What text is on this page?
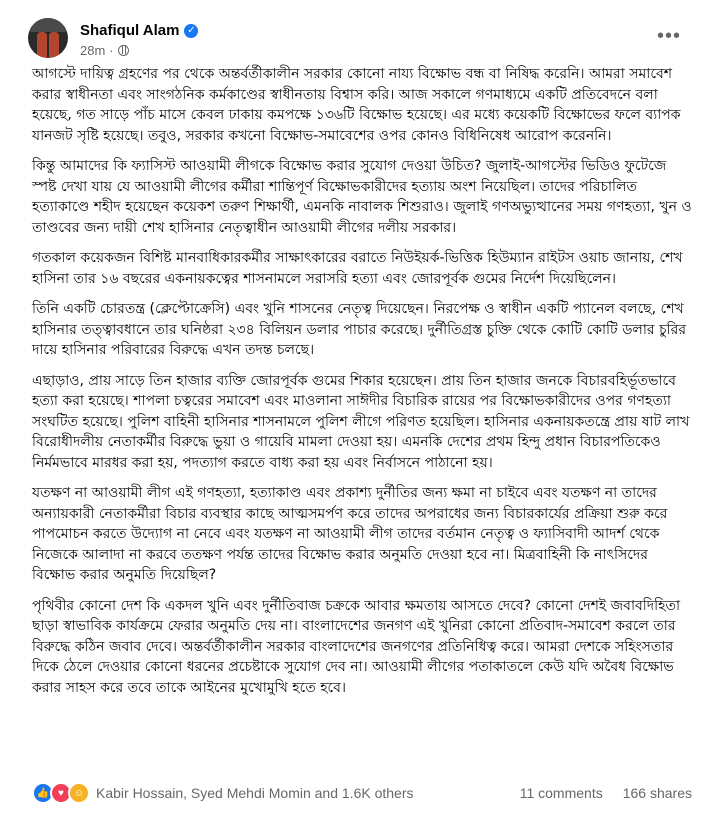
Shafiqul Alam ✓
28m ·
•••

আগস্টে দায়িত্ব গ্রহণের পর থেকে অন্তর্বর্তীকালীন সরকার কোনো নায্য বিক্ষোভ বন্ধ বা নিষিদ্ধ করেনি। আমরা সমাবেশ করার স্বাধীনতা এবং সাংগঠনিক কর্মকাণ্ডের স্বাধীনতায় বিশ্বাস করি। আজ সকালে গণমাধ্যমে একটি প্রতিবেদনে বলা হয়েছে, গত সাড়ে পাঁচ মাসে কেবল ঢাকায় কমপক্ষে ১৩৬টি বিক্ষোভ হয়েছে। এর মধ্যে কয়েকটি বিক্ষোভের ফলে ব্যাপক যানজট সৃষ্টি হয়েছে। তবুও, সরকার কখনো বিক্ষোভ-সমাবেশের ওপর কোনও বিধিনিষেধ আরোপ করেননি।

কিন্তু আমাদের কি ফ্যাসিস্ট আওয়ামী লীগকে বিক্ষোভ করার সুযোগ দেওয়া উচিত? জুলাই-আগস্টের ভিডিও ফুটেজে স্পষ্ট দেখা যায় যে আওয়ামী লীগের কর্মীরা শান্তিপূর্ণ বিক্ষোভকারীদের হত্যায় অংশ নিয়েছিল। তাদের পরিচালিত হত্যাকাণ্ডে শহীদ হয়েছেন কয়েকশ তরুণ শিক্ষার্থী, এমনকি নাবালক শিশুরাও। জুলাই গণঅভ্যুত্থানের সময় গণহত্যা, খুন ও তাণ্ডবের জন্য দায়ী শেখ হাসিনার নেতৃত্বাধীন আওয়ামী লীগের দলীয় সরকার।

গতকাল কয়েকজন বিশিষ্ট মানবাধিকারকর্মীর সাক্ষাৎকারের বরাতে নিউইয়র্ক-ভিত্তিক হিউম্যান রাইটস ওয়াচ জানায়, শেখ হাসিনা তার ১৬ বছরের একনায়কত্বের শাসনামলে সরাসরি হত্যা এবং জোরপূর্বক গুমের নির্দেশ দিয়েছিলেন।

তিনি একটি চোরতন্ত্র (ক্লেপ্টোক্রেসি) এবং খুনি শাসনের নেতৃত্ব দিয়েছেন। নিরপেক্ষ ও স্বাধীন একটি প্যানেল বলছে, শেখ হাসিনার তত্ত্বাবধানে তার ঘনিষ্ঠরা ২৩৪ বিলিয়ন ডলার পাচার করেছে। দুর্নীতিগ্রস্ত চুক্তি থেকে কোটি কোটি ডলার চুরির দায়ে হাসিনার পরিবারের বিরুদ্ধে এখন তদন্ত চলছে।

এছাড়াও, প্রায় সাড়ে তিন হাজার ব্যক্তি জোরপূর্বক গুমের শিকার হয়েছেন। প্রায় তিন হাজার জনকে বিচারবহির্ভূতভাবে হত্যা করা হয়েছে। শাপলা চত্বরের সমাবেশ এবং মাওলানা সাঈদীর বিচারিক রায়ের পর বিক্ষোভকারীদের ওপর গণহত্যা সংঘটিত হয়েছে। পুলিশ বাহিনী হাসিনার শাসনামলে পুলিশ লীগে পরিণত হয়েছিল। হাসিনার একনায়কতন্ত্রে প্রায় ষাট লাখ বিরোধীদলীয় নেতাকর্মীর বিরুদ্ধে ভুয়া ও গায়েবি মামলা দেওয়া হয়। এমনকি দেশের প্রথম হিন্দু প্রধান বিচারপতিকেও নির্মমভাবে মারধর করা হয়, পদত্যাগ করতে বাধ্য করা হয় এবং নির্বাসনে পাঠানো হয়।

যতক্ষণ না আওয়ামী লীগ এই গণহত্যা, হত্যাকাণ্ড এবং প্রকাশ্য দুর্নীতির জন্য ক্ষমা না চাইবে এবং যতক্ষণ না তাদের অন্যায়কারী নেতাকর্মীরা বিচার ব্যবস্থার কাছে আত্মসমর্পণ করে তাদের অপরাধের জন্য বিচারকার্যের প্রক্রিয়া শুরু করে পাপমোচন করতে উদ্যোগ না নেবে এবং যতক্ষণ না আওয়ামী লীগ তাদের বর্তমান নেতৃত্ব ও ফ্যাসিবাদী আদর্শ থেকে নিজেকে আলাদা না করবে ততক্ষণ পর্যন্ত তাদের বিক্ষোভ করার অনুমতি দেওয়া হবে না। মিত্রবাহিনী কি নাৎসিদের বিক্ষোভ করার অনুমতি দিয়েছিল?

পৃথিবীর কোনো দেশ কি একদল খুনি এবং দুর্নীতিবাজ চক্রকে আবার ক্ষমতায় আসতে দেবে? কোনো দেশই জবাবদিহিতা ছাড়া স্বাভাবিক কার্যক্রমে ফেরার অনুমতি দেয় না। বাংলাদেশের জনগণ এই খুনিরা কোনো প্রতিবাদ-সমাবেশ করলে তার বিরুদ্ধে কঠিন জবাব দেবে। অন্তর্বর্তীকালীন সরকার বাংলাদেশের জনগণের প্রতিনিধিত্ব করে। আমরা দেশকে সহিংসতার দিকে ঠেলে দেওয়ার কোনো ধরনের প্রচেষ্টাকে সুযোগ দেব না। আওয়ামী লীগের পতাকাতলে কেউ যদি অবৈধ বিক্ষোভ করার সাহস করে তবে তাকে আইনের মুখোমুখি হতে হবে।

👍 ♥ ☺ Kabir Hossain, Syed Mehdi Momin and 1.6K others	11 comments 166 shares
